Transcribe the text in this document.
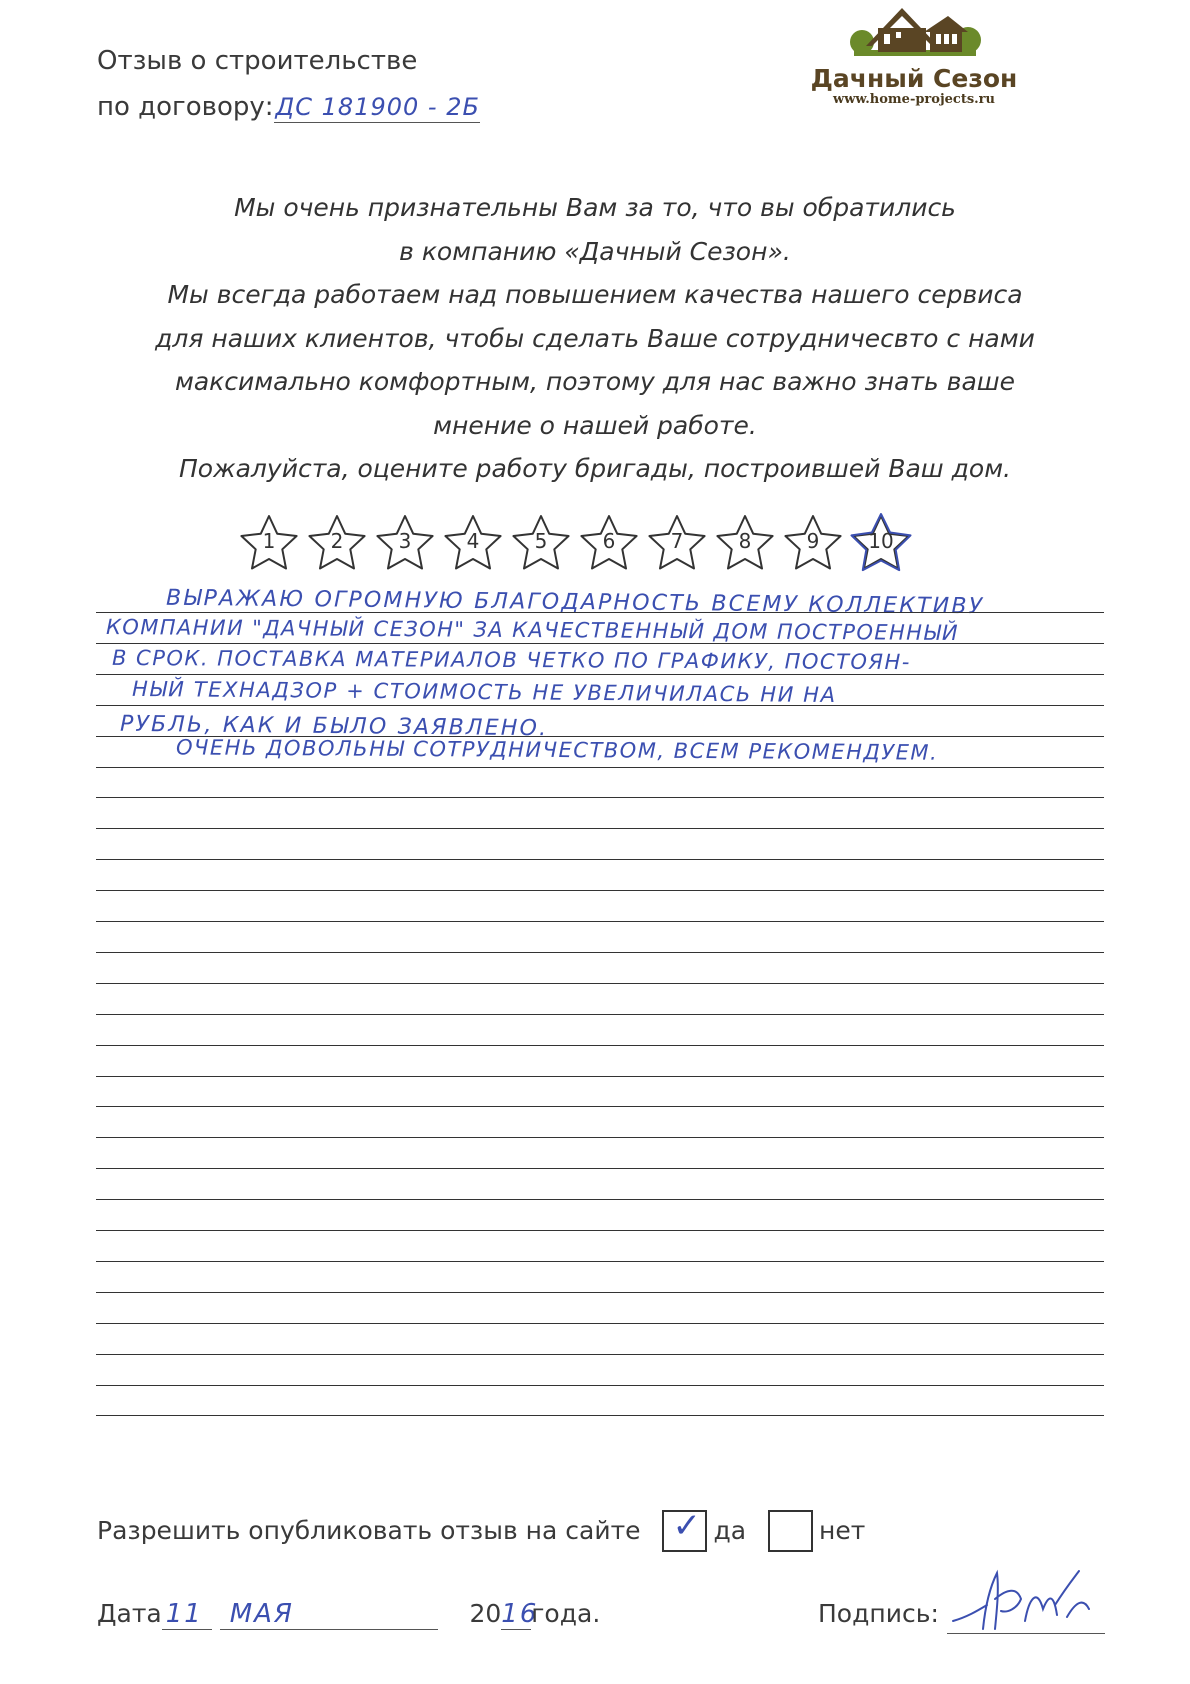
Отзыв о строительстве
по договору:ДС 181900 - 2Б
Дачный Сезон
www.home-projects.ru

Мы очень признательны Вам за то, что вы обратились

в компанию «Дачный Сезон».

Мы всегда работаем над повышением качества нашего сервиса

для наших клиентов, чтобы сделать Ваше сотрудничесвто с нами

максимально комфортным, поэтому для нас важно знать ваше

мнение о нашей работе.

Пожалуйста, оцените работу бригады, построившей Ваш дом.

1	2	3	4	5	6	7	8	9	10
ВЫРАЖАЮ ОГРОМНУЮ БЛАГОДАРНОСТЬ ВСЕМУ КОЛЛЕКТИВУ
КОМПАНИИ "ДАЧНЫЙ СЕЗОН" ЗА КАЧЕСТВЕННЫЙ ДОМ ПОСТРОЕННЫЙ
В СРОК. ПОСТАВКА МАТЕРИАЛОВ ЧЕТКО ПО ГРАФИКУ, ПОСТОЯН-
НЫЙ ТЕХНАДЗОР + СТОИМОСТЬ НЕ УВЕЛИЧИЛАСЬ НИ НА
РУБЛЬ, КАК И БЫЛО ЗАЯВЛЕНО.
ОЧЕНЬ ДОВОЛЬНЫ СОТРУДНИЧЕСТВОМ, ВСЕМ РЕКОМЕНДУЕМ.
Разрешить опубликовать отзыв на сайте ✓ да	нет
Дата 11 МАЯ	2016года.	Подпись:
